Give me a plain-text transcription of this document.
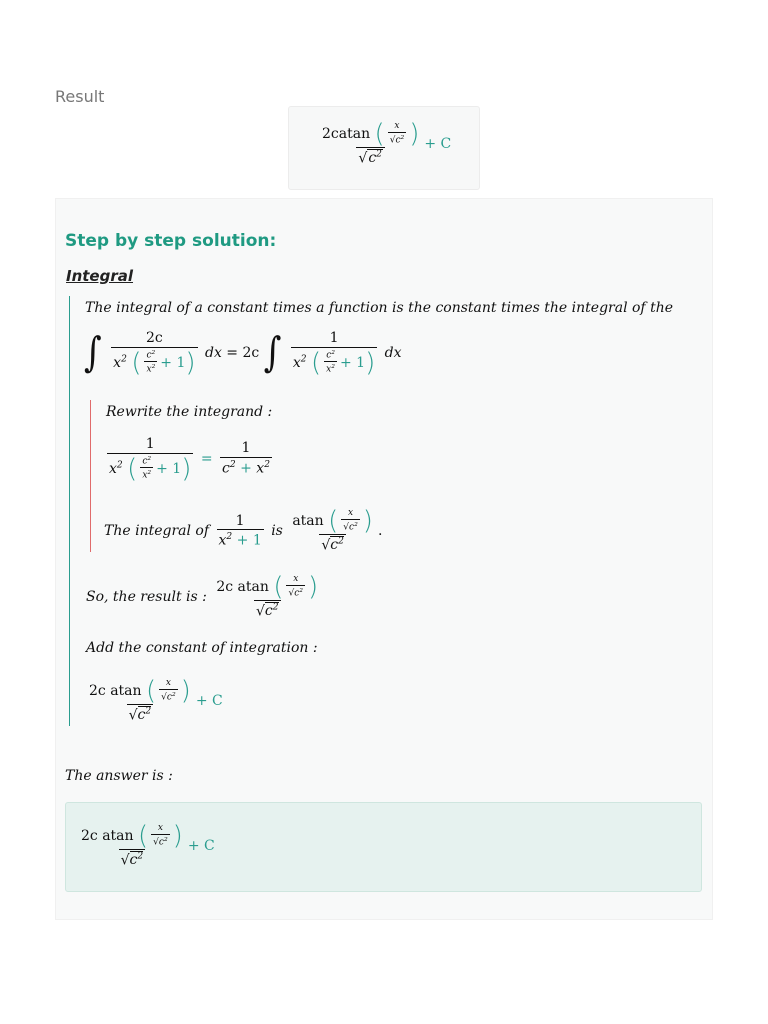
Result
$\frac{2catan ( \frac{x}{√c^2} )}{√c^2} + C$
Step by step solution:
Integral
The integral of a constant times a function is the constant times the integral of the
∫ $\frac{2c}{x^2 ( \frac{c^2}{x^2} + 1)}$ dx = 2c ∫ $\frac{1}{x^2 ( \frac{c^2}{x^2} + 1)}$ dx
Rewrite the integrand :
$\frac{1}{x^2 ( \frac{c^2}{x^2} + 1)} = \frac{1}{c^2 + x^2}$
The integral of $\frac{1}{x^2 + 1}$ is $\frac{atan ( \frac{x}{√c^2} )}{√c^2}$ .
So, the result is : $\frac{2c atan ( \frac{x}{√c^2} )}{√c^2}$
Add the constant of integration :
$\frac{2c atan ( \frac{x}{√c^2} )}{√c^2} + C$
The answer is :
$\frac{2c atan ( \frac{x}{√c^2} )}{√c^2} + C$
